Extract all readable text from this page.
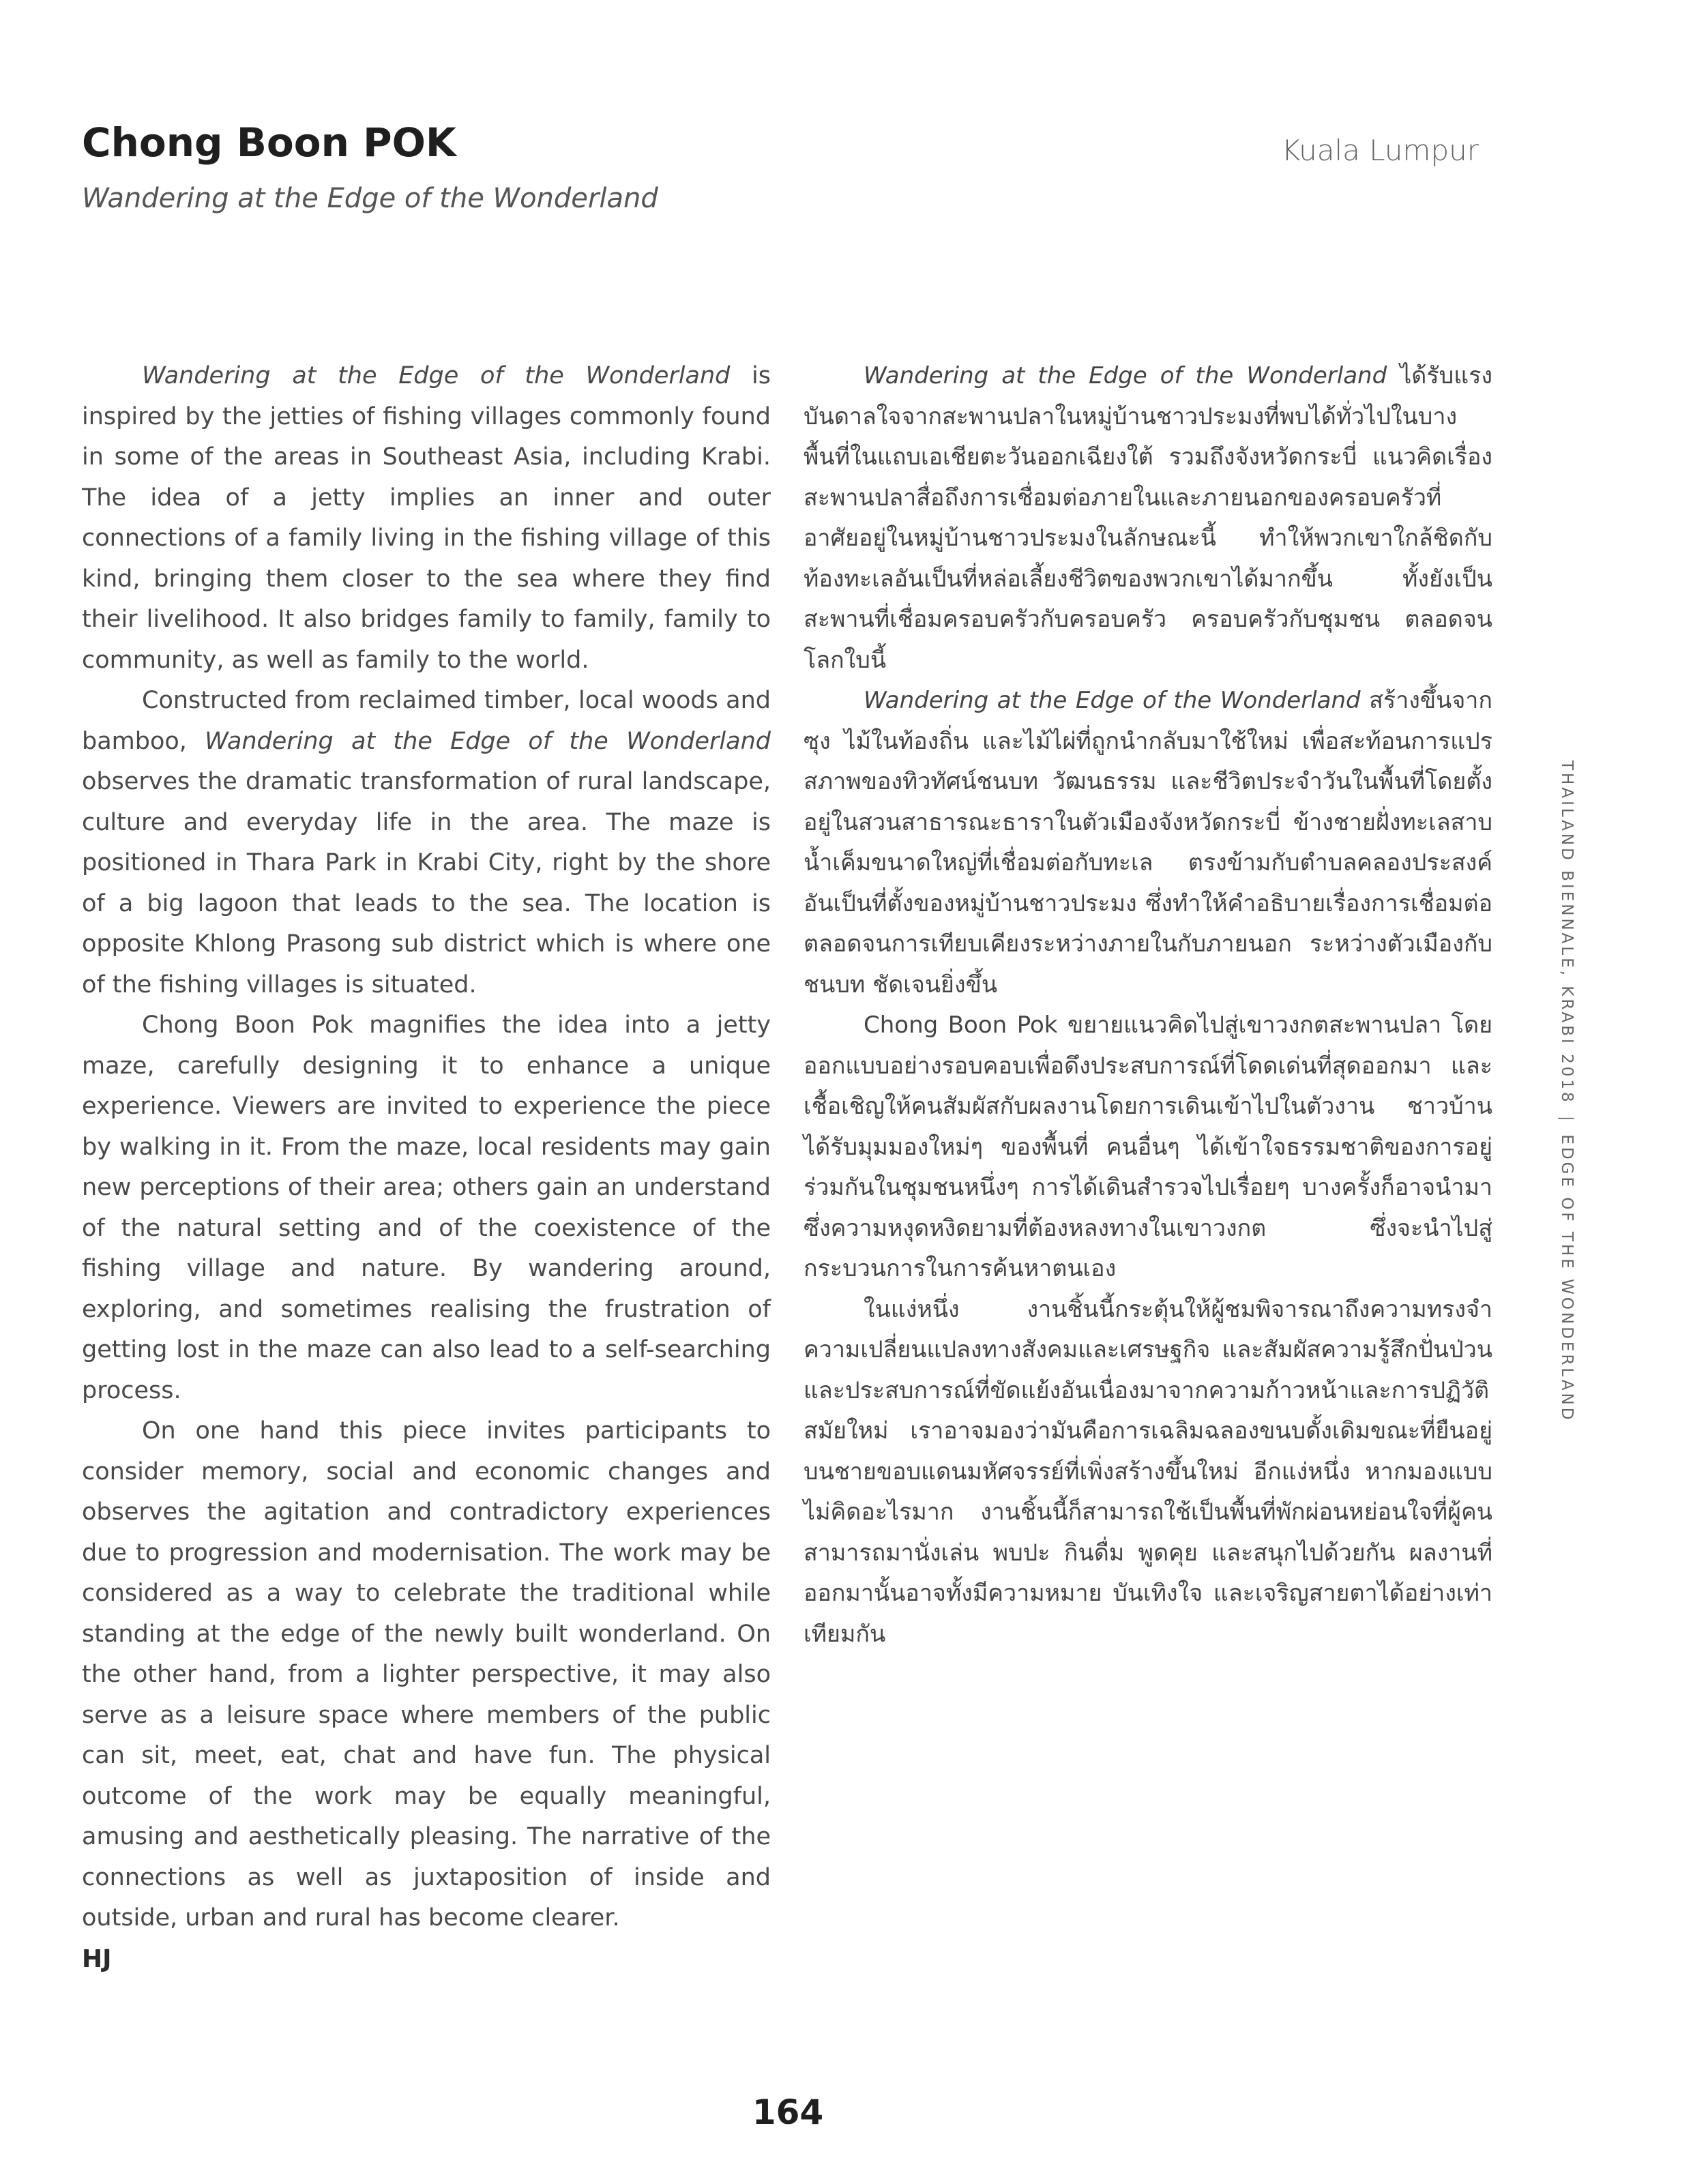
Chong Boon POK
Wandering at the Edge of the Wonderland
Kuala Lumpur

Wandering at the Edge of the Wonderland is inspired by the jetties of fishing villages commonly found in some of the areas in Southeast Asia, including Krabi. The idea of a jetty implies an inner and outer connections of a family living in the fishing village of this kind, bringing them closer to the sea where they find their livelihood. It also bridges family to family, family to community, as well as family to the world.

Constructed from reclaimed timber, local woods and bamboo, Wandering at the Edge of the Wonderland observes the dramatic transformation of rural landscape, culture and everyday life in the area. The maze is positioned in Thara Park in Krabi City, right by the shore of a big lagoon that leads to the sea. The location is opposite Khlong Prasong sub district which is where one of the fishing villages is situated.

Chong Boon Pok magnifies the idea into a jetty maze, carefully designing it to enhance a unique experience. Viewers are invited to experience the piece by walking in it. From the maze, local residents may gain new perceptions of their area; others gain an understand of the natural setting and of the coexistence of the fishing village and nature. By wandering around, exploring, and sometimes realising the frustration of getting lost in the maze can also lead to a self-searching process.

On one hand this piece invites participants to consider memory, social and economic changes and observes the agitation and contradictory experiences due to progression and modernisation. The work may be considered as a way to celebrate the traditional while standing at the edge of the newly built wonderland. On the other hand, from a lighter perspective, it may also serve as a leisure space where members of the public can sit, meet, eat, chat and have fun. The physical outcome of the work may be equally meaningful, amusing and aesthetically pleasing. The narrative of the connections as well as juxtaposition of inside and outside, urban and rural has become clearer.

HJ

Wandering at the Edge of the Wonderland ได้รับแรงบันดาลใจจากสะพานปลาในหมู่บ้านชาวประมงที่พบได้ทั่วไปในบางพื้นที่ในแถบเอเชียตะวันออกเฉียงใต้ รวมถึงจังหวัดกระบี่ แนวคิดเรื่องสะพานปลาสื่อถึงการเชื่อมต่อภายในและภายนอกของครอบครัวที่อาศัยอยู่ในหมู่บ้านชาวประมงในลักษณะนี้ ทำให้พวกเขาใกล้ชิดกับท้องทะเลอันเป็นที่หล่อเลี้ยงชีวิตของพวกเขาได้มากขึ้น ทั้งยังเป็นสะพานที่เชื่อมครอบครัวกับครอบครัว ครอบครัวกับชุมชน ตลอดจนโลกใบนี้

Wandering at the Edge of the Wonderland สร้างขึ้นจากซุง ไม้ในท้องถิ่น และไม้ไผ่ที่ถูกนำกลับมาใช้ใหม่ เพื่อสะท้อนการแปรสภาพของทิวทัศน์ชนบท วัฒนธรรม และชีวิตประจำวันในพื้นที่โดยตั้งอยู่ในสวนสาธารณะธาราในตัวเมืองจังหวัดกระบี่ ข้างชายฝั่งทะเลสาบน้ำเค็มขนาดใหญ่ที่เชื่อมต่อกับทะเล ตรงข้ามกับตำบลคลองประสงค์อันเป็นที่ตั้งของหมู่บ้านชาวประมง ซึ่งทำให้คำอธิบายเรื่องการเชื่อมต่อตลอดจนการเทียบเคียงระหว่างภายในกับภายนอก ระหว่างตัวเมืองกับชนบท ชัดเจนยิ่งขึ้น

Chong Boon Pok ขยายแนวคิดไปสู่เขาวงกตสะพานปลา โดยออกแบบอย่างรอบคอบเพื่อดึงประสบการณ์ที่โดดเด่นที่สุดออกมา และเชื้อเชิญให้คนสัมผัสกับผลงานโดยการเดินเข้าไปในตัวงาน ชาวบ้านได้รับมุมมองใหม่ๆ ของพื้นที่ คนอื่นๆ ได้เข้าใจธรรมชาติของการอยู่ร่วมกันในชุมชนหนึ่งๆ การได้เดินสำรวจไปเรื่อยๆ บางครั้งก็อาจนำมาซึ่งความหงุดหงิดยามที่ต้องหลงทางในเขาวงกต ซึ่งจะนำไปสู่กระบวนการในการค้นหาตนเอง

ในแง่หนึ่ง งานชิ้นนี้กระตุ้นให้ผู้ชมพิจารณาถึงความทรงจำ ความเปลี่ยนแปลงทางสังคมและเศรษฐกิจ และสัมผัสความรู้สึกปั่นป่วนและประสบการณ์ที่ขัดแย้งอันเนื่องมาจากความก้าวหน้าและการปฏิวัติสมัยใหม่ เราอาจมองว่ามันคือการเฉลิมฉลองขนบดั้งเดิมขณะที่ยืนอยู่บนชายขอบแดนมหัศจรรย์ที่เพิ่งสร้างขึ้นใหม่ อีกแง่หนึ่ง หากมองแบบไม่คิดอะไรมาก งานชิ้นนี้ก็สามารถใช้เป็นพื้นที่พักผ่อนหย่อนใจที่ผู้คนสามารถมานั่งเล่น พบปะ กินดื่ม พูดคุย และสนุกไปด้วยกัน ผลงานที่ออกมานั้นอาจทั้งมีความหมาย บันเทิงใจ และเจริญสายตาได้อย่างเท่าเทียมกัน

THAILAND BIENNALE, KRABI 2018|EDGE OF THE WONDERLAND
164
